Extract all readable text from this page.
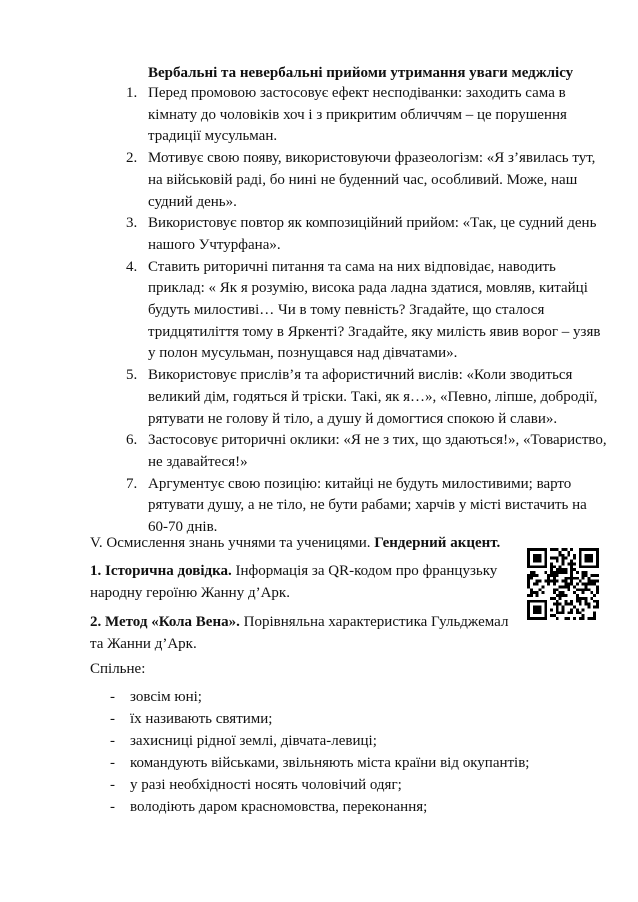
Вербальні та невербальні прийоми утримання уваги меджлісу
1. Перед промовою застосовує ефект несподіванки: заходить сама в кімнату до чоловіків хоч і з прикритим обличчям – це порушення традиції мусульман.
2. Мотивує свою появу, використовуючи фразеологізм: «Я з’явилась тут, на військовій раді, бо нині не буденний час, особливий. Може, наш судний день».
3. Використовує повтор як композиційний прийом: «Так, це судний день нашого Учтурфана».
4. Ставить риторичні питання та сама на них відповідає, наводить приклад: « Як я розумію, висока рада ладна здатися, мовляв, китайці будуть милостиві… Чи в тому певність? Згадайте, що сталося тридцятиліття тому в Яркенті? Згадайте, яку милість явив ворог – узяв у полон мусульман, познущався над дівчатами».
5. Використовує прислів’я та афористичний вислів: «Коли зводиться великий дім, годяться й тріски. Такі, як я…», «Певно, ліпше, добродії, рятувати не голову й тіло, а душу й домогтися спокою й слави».
6. Застосовує риторичні оклики: «Я не з тих, що здаються!», «Товариство, не здавайтеся!»
7. Аргументує свою позицію: китайці не будуть милостивими; варто рятувати душу, а не тіло, не бути рабами; харчів у місті вистачить на 60-70 днів.
V. Осмислення знань учнями та ученицями. Гендерний акцент.
1. Історична довідка. Інформація за QR-кодом про французьку народну героїню Жанну д’Арк.
2. Метод «Кола Вена». Порівняльна характеристика Гульджемал та Жанни д’Арк.
Спільне:
- зовсім юні;
- їх називають святими;
- захисниці рідної землі, дівчата-левиці;
- командують військами, звільняють міста країни від окупантів;
- у разі необхідності носять чоловічий одяг;
- володіють даром красномовства, переконання;
